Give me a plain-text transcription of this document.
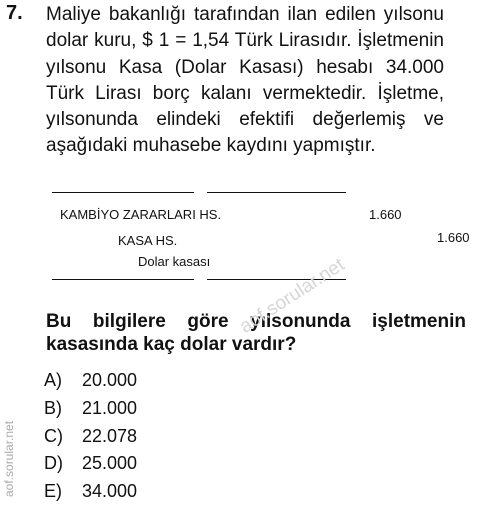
7. Maliye bakanlığı tarafından ilan edilen yılsonu
dolar kuru, $ 1 = 1,54 Türk Lirasıdır. İşletmenin
yılsonu Kasa (Dolar Kasası) hesabı 34.000
Türk Lirası borç kalanı vermektedir. İşletme,
yılsonunda elindeki efektifi değerlemiş ve
aşağıdaki muhasebe kaydını yapmıştır.
KAMBİYO ZARARLARI HS.	1.660
KASA HS.	1.660
Dolar kasası
Bu bilgilere göre yılsonunda işletmenin
kasasında kaç dolar vardır?
A) 20.000
B) 21.000
C) 22.078
D) 25.000
E) 34.000
aof.sorular.net
aof.sorular.net
